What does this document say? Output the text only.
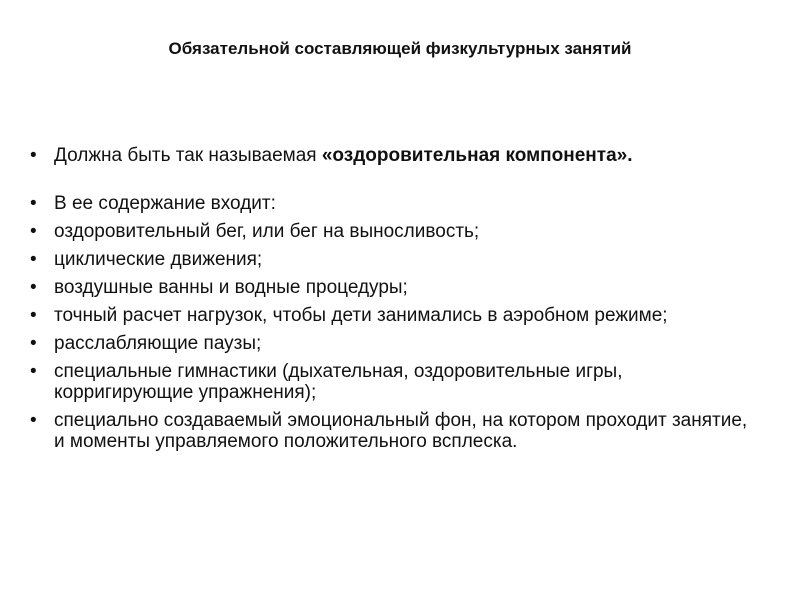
Обязательной составляющей физкультурных занятий
• Должна быть так называемая «оздоровительная компонента».
• В ее содержание входит:
• оздоровительный бег, или бег на выносливость;
• циклические движения;
• воздушные ванны и водные процедуры;
• точный расчет нагрузок, чтобы дети занимались в аэробном режиме;
• расслабляющие паузы;
• специальные гимнастики (дыхательная, оздоровительные игры, корригирующие упражнения);
• специально создаваемый эмоциональный фон, на котором проходит занятие, и моменты управляемого положительного всплеска.
